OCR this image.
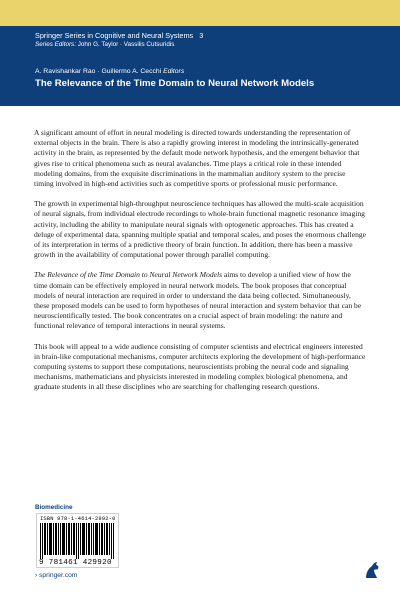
Springer Series in Cognitive and Neural Systems 3
Series Editors: John G. Taylor · Vassilis Cutsuridis
A. Ravishankar Rao · Guillermo A. Cecchi Editors
The Relevance of the Time Domain to Neural Network Models

A significant amount of effort in neural modeling is directed towards understanding the representation of external objects in the brain. There is also a rapidly growing interest in modeling the intrinsically-generated activity in the brain, as represented by the default mode network hypothesis, and the emergent behavior that gives rise to critical phenomena such as neural avalanches. Time plays a critical role in these intended modeling domains, from the exquisite discriminations in the mammalian auditory system to the precise timing involved in high-end activities such as competitive sports or professional music performance.

The growth in experimental high-throughput neuroscience techniques has allowed the multi-scale acquisition of neural signals, from individual electrode recordings to whole-brain functional magnetic resonance imaging activity, including the ability to manipulate neural signals with optogenetic approaches. This has created a deluge of experimental data, spanning multiple spatial and temporal scales, and poses the enormous challenge of its interpretation in terms of a predictive theory of brain function. In addition, there has been a massive growth in the availability of computational power through parallel computing.

The Relevance of the Time Domain to Neural Network Models aims to develop a unified view of how the time domain can be effectively employed in neural network models. The book proposes that conceptual models of neural interaction are required in order to understand the data being collected. Simultaneously, these proposed models can be used to form hypotheses of neural interaction and system behavior that can be neuroscientifically tested. The book concentrates on a crucial aspect of brain modeling: the nature and functional relevance of temporal interactions in neural systems.

This book will appeal to a wide audience consisting of computer scientists and electrical engineers interested in brain-like computational mechanisms, computer architects exploring the development of high-performance computing systems to support these computations, neuroscientists probing the neural code and signaling mechanisms, mathematicians and physicists interested in modeling complex biological phenomena, and graduate students in all these disciplines who are searching for challenging research questions.

Biomedicine
ISBN 978-1-4614-2992-0
9 781461 429920
› springer.com
